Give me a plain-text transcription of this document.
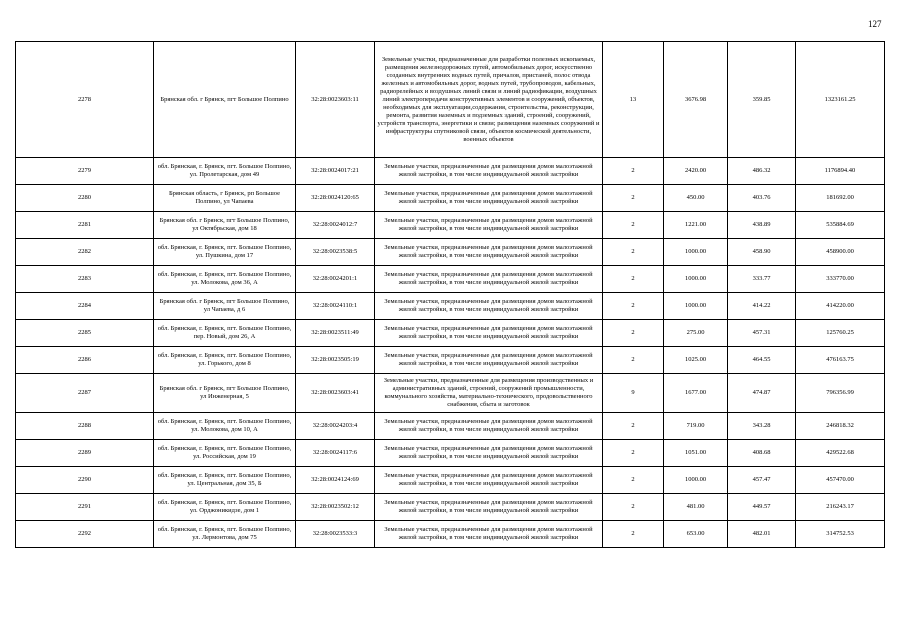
127
2278	Брянская обл. г Брянск, пгт Большое Полпино	32:28:0023603:11	Земельные участки, предназначенные для разработки полезных ископаемых, размещения железнодорожных путей, автомобильных дорог, искусственно созданных внутренних водных путей, причалов, пристаней, полос отвода железных и автомобильных дорог, водных путей, трубопроводов, кабельных, радиорелейных и воздушных линий связи и линий радиофикации, воздушных линий электропередачи конструктивных элементов и сооружений, объектов, необходимых для эксплуатации,содержания, строительства, реконструкции, ремонта, развития наземных и подземных зданий, строений, сооружений, устройств транспорта, энергетики и связи; размещения наземных сооружений и инфраструктуры спутниковой связи, объектов космической деятельности, военных объектов	13	3676.98	359.85	1323161.25
2279	обл. Брянская, г. Брянск, пгт. Большое Полпино, ул. Пролетарская, дом 49	32:28:0024017:21	Земельные участки, предназначенные для размещения домов малоэтажной жилой застройки, в том числе индивидуальной жилой застройки	2	2420.00	486.32	1176894.40
2280	Брянская область, г Брянск, рп Большое Полпино, ул Чапаева	32:28:0024120:65	Земельные участки, предназначенные для размещения домов малоэтажной жилой застройки, в том числе индивидуальной жилой застройки	2	450.00	403.76	181692.00
2281	Брянская обл. г Брянск, пгт Большое Полпино, ул Октябрьская, дом 18	32:28:0024012:7	Земельные участки, предназначенные для размещения домов малоэтажной жилой застройки, в том числе индивидуальной жилой застройки	2	1221.00	438.89	535884.69
2282	обл. Брянская, г. Брянск, пгт. Большое Полпино, ул. Пушкина, дом 17	32:28:0023538:5	Земельные участки, предназначенные для размещения домов малоэтажной жилой застройки, в том числе индивидуальной жилой застройки	2	1000.00	458.90	458900.00
2283	обл. Брянская, г. Брянск, пгт. Большое Полпино, ул. Молокова, дом 36, А	32:28:0024201:1	Земельные участки, предназначенные для размещения домов малоэтажной жилой застройки, в том числе индивидуальной жилой застройки	2	1000.00	333.77	333770.00
2284	Брянская обл. г Брянск, пгт Большое Полпино, ул Чапаева, д 6	32:28:0024110:1	Земельные участки, предназначенные для размещения домов малоэтажной жилой застройки, в том числе индивидуальной жилой застройки	2	1000.00	414.22	414220.00
2285	обл. Брянская, г. Брянск, пгт. Большое Полпино, пер. Новый, дом 26, А	32:28:0023511:49	Земельные участки, предназначенные для размещения домов малоэтажной жилой застройки, в том числе индивидуальной жилой застройки	2	275.00	457.31	125760.25
2286	обл. Брянская, г. Брянск, пгт. Большое Полпино, ул. Горького, дом 8	32:28:0023505:19	Земельные участки, предназначенные для размещения домов малоэтажной жилой застройки, в том числе индивидуальной жилой застройки	2	1025.00	464.55	476163.75
2287	Брянская обл. г Брянск, пгт Большое Полпино, ул Инженерная, 5	32:28:0023603:41	Земельные участки, предназначенные для размещения производственных и административных зданий, строений, сооружений промышленности, коммунального хозяйства, материально-технического, продовольственного снабжения, сбыта и заготовок	9	1677.00	474.87	796356.99
2288	обл. Брянская, г. Брянск, пгт. Большое Полпино, ул. Молокова, дом 10, А	32:28:0024203:4	Земельные участки, предназначенные для размещения домов малоэтажной жилой застройки, в том числе индивидуальной жилой застройки	2	719.00	343.28	246818.32
2289	обл. Брянская, г. Брянск, пгт. Большое Полпино, ул. Российская, дом 19	32:28:0024117:6	Земельные участки, предназначенные для размещения домов малоэтажной жилой застройки, в том числе индивидуальной жилой застройки	2	1051.00	408.68	429522.68
2290	обл. Брянская, г. Брянск, пгт. Большое Полпино, ул. Центральная, дом 35, Б	32:28:0024124:69	Земельные участки, предназначенные для размещения домов малоэтажной жилой застройки, в том числе индивидуальной жилой застройки	2	1000.00	457.47	457470.00
2291	обл. Брянская, г. Брянск, пгт. Большое Полпино, ул. Орджоникидзе, дом 1	32:28:0023502:12	Земельные участки, предназначенные для размещения домов малоэтажной жилой застройки, в том числе индивидуальной жилой застройки	2	481.00	449.57	216243.17
2292	обл. Брянская, г. Брянск, пгт. Большое Полпино, ул. Лермонтова, дом 75	32:28:0023533:3	Земельные участки, предназначенные для размещения домов малоэтажной жилой застройки, в том числе индивидуальной жилой застройки	2	653.00	482.01	314752.53
